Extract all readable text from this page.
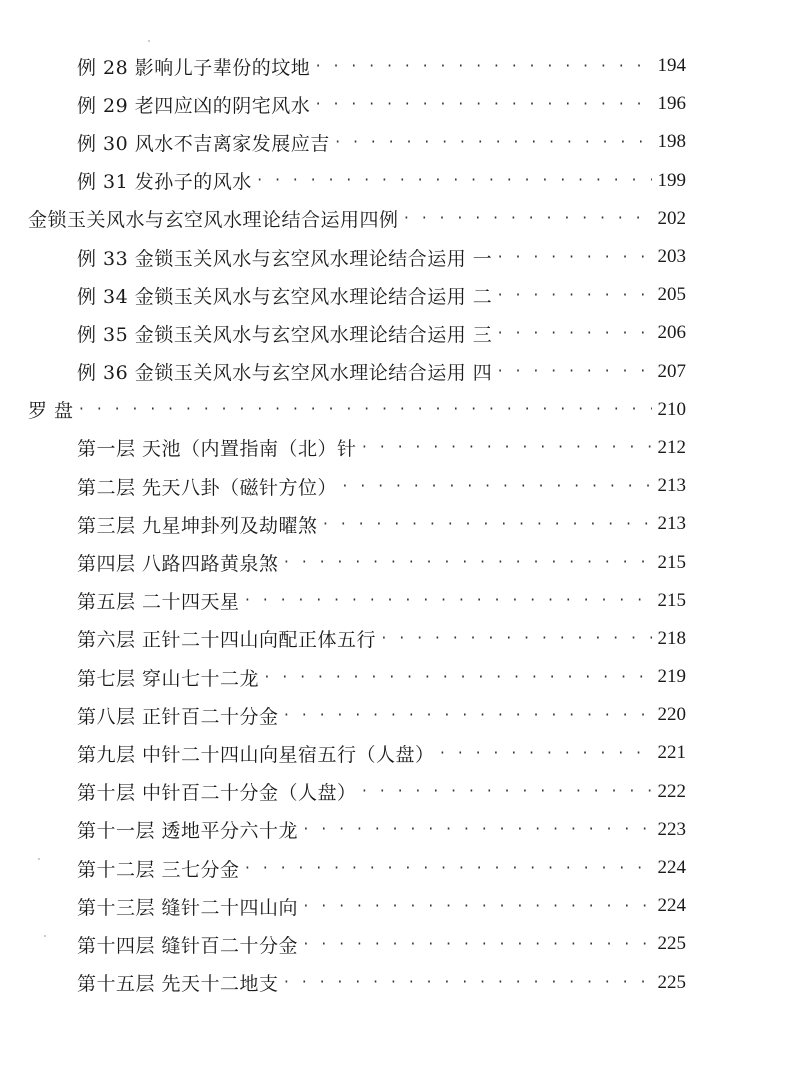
例 28 影响儿子辈份的坟地 ·····	194
例 29 老四应凶的阴宅风水 ·····	196
例 30 风水不吉离家发展应吉 ·····	198
例 31 发孙子的风水 ·····	199
金锁玉关风水与玄空风水理论结合运用四例 ·····	202
例 33 金锁玉关风水与玄空风水理论结合运用 一 ·····	203
例 34 金锁玉关风水与玄空风水理论结合运用 二 ·····	205
例 35 金锁玉关风水与玄空风水理论结合运用 三 ·····	206
例 36 金锁玉关风水与玄空风水理论结合运用 四 ·····	207
罗 盘 ·····	210
第一层 天池（内置指南（北）针 ·····	212
第二层 先天八卦（磁针方位） ·····	213
第三层 九星坤卦列及劫曜煞 ·····	213
第四层 八路四路黄泉煞 ·····	215
第五层 二十四天星 ·····	215
第六层 正针二十四山向配正体五行 ·····	218
第七层 穿山七十二龙 ·····	219
第八层 正针百二十分金 ·····	220
第九层 中针二十四山向星宿五行（人盘） ·····	221
第十层 中针百二十分金（人盘） ·····	222
第十一层 透地平分六十龙 ·····	223
第十二层 三七分金 ·····	224
第十三层 缝针二十四山向 ·····	224
第十四层 缝针百二十分金 ·····	225
第十五层 先天十二地支 ·····	225
